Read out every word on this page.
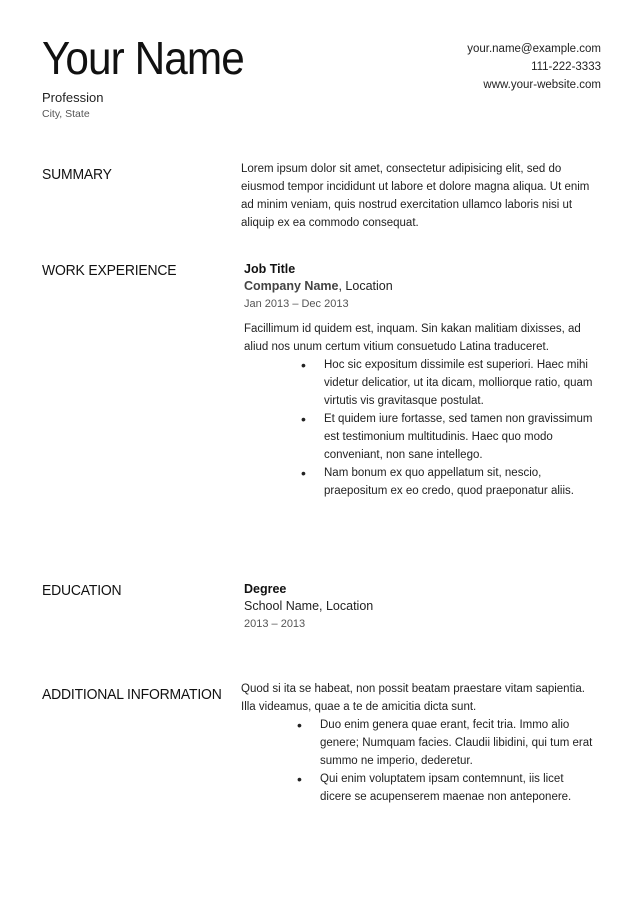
Your Name
Profession
City, State
your.name@example.com
111-222-3333
www.your-website.com
SUMMARY	Lorem ipsum dolor sit amet, consectetur adipisicing elit, sed do eiusmod tempor incididunt ut labore et dolore magna aliqua. Ut enim ad minim veniam, quis nostrud exercitation ullamco laboris nisi ut aliquip ex ea commodo consequat.
WORK EXPERIENCE	Job Title
Company Name, Location
Jan 2013 – Dec 2013
Facillimum id quidem est, inquam. Sin kakan malitiam dixisses, ad aliud nos unum certum vitium consuetudo Latina traduceret.
• Hoc sic expositum dissimile est superiori. Haec mihi videtur delicatior, ut ita dicam, molliorque ratio, quam virtutis vis gravitasque postulat.
• Et quidem iure fortasse, sed tamen non gravissimum est testimonium multitudinis. Haec quo modo conveniant, non sane intellego.
• Nam bonum ex quo appellatum sit, nescio, praepositum ex eo credo, quod praeponatur aliis.
EDUCATION	Degree
School Name, Location
2013 – 2013
ADDITIONAL INFORMATION Quod si ita se habeat, non possit beatam praestare vitam sapientia. Illa videamus, quae a te de amicitia dicta sunt.
• Duo enim genera quae erant, fecit tria. Immo alio genere; Numquam facies. Claudii libidini, qui tum erat summo ne imperio, dederetur.
• Qui enim voluptatem ipsam contemnunt, iis licet dicere se acupenserem maenae non anteponere.
